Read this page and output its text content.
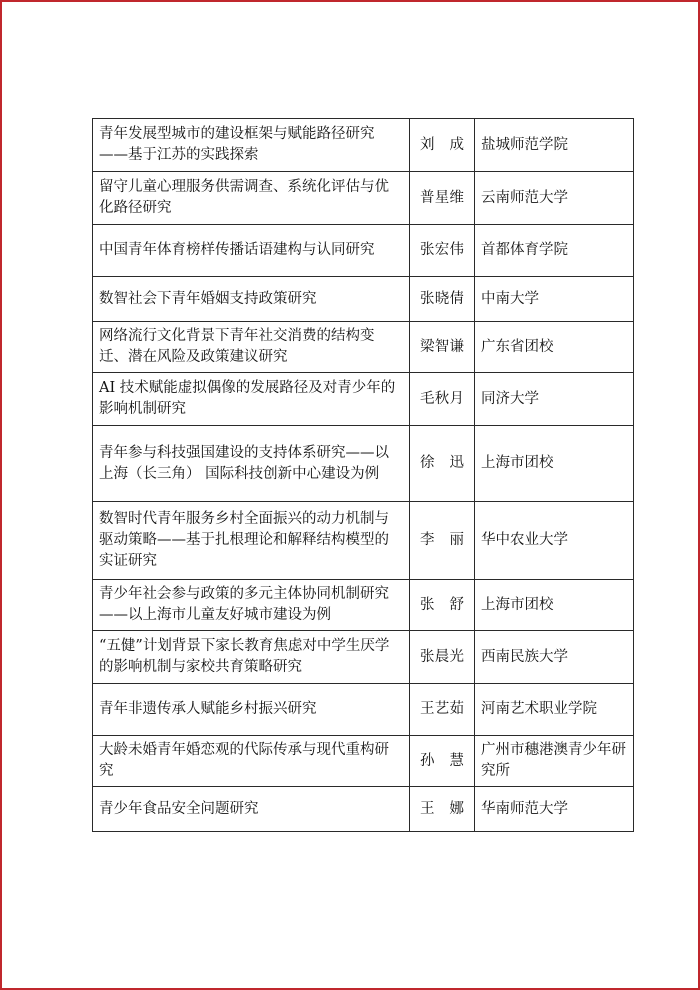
青年发展型城市的建设框架与赋能路径研究——基于江苏的实践探索	刘成	盐城师范学院
留守儿童心理服务供需调查、系统化评估与优化路径研究	普星维	云南师范大学
中国青年体育榜样传播话语建构与认同研究	张宏伟	首都体育学院
数智社会下青年婚姻支持政策研究	张晓倩	中南大学
网络流行文化背景下青年社交消费的结构变迁、潜在风险及政策建议研究	梁智谦	广东省团校
AI 技术赋能虚拟偶像的发展路径及对青少年的影响机制研究	毛秋月	同济大学
青年参与科技强国建设的支持体系研究——以上海（长三角） 国际科技创新中心建设为例	徐迅	上海市团校
数智时代青年服务乡村全面振兴的动力机制与驱动策略——基于扎根理论和解释结构模型的实证研究	李丽	华中农业大学
青少年社会参与政策的多元主体协同机制研究——以上海市儿童友好城市建设为例	张舒	上海市团校
“五健”计划背景下家长教育焦虑对中学生厌学的影响机制与家校共育策略研究	张晨光	西南民族大学
青年非遗传承人赋能乡村振兴研究	王艺茹	河南艺术职业学院
大龄未婚青年婚恋观的代际传承与现代重构研究	孙慧	广州市穗港澳青少年研究所
青少年食品安全问题研究	王娜	华南师范大学
